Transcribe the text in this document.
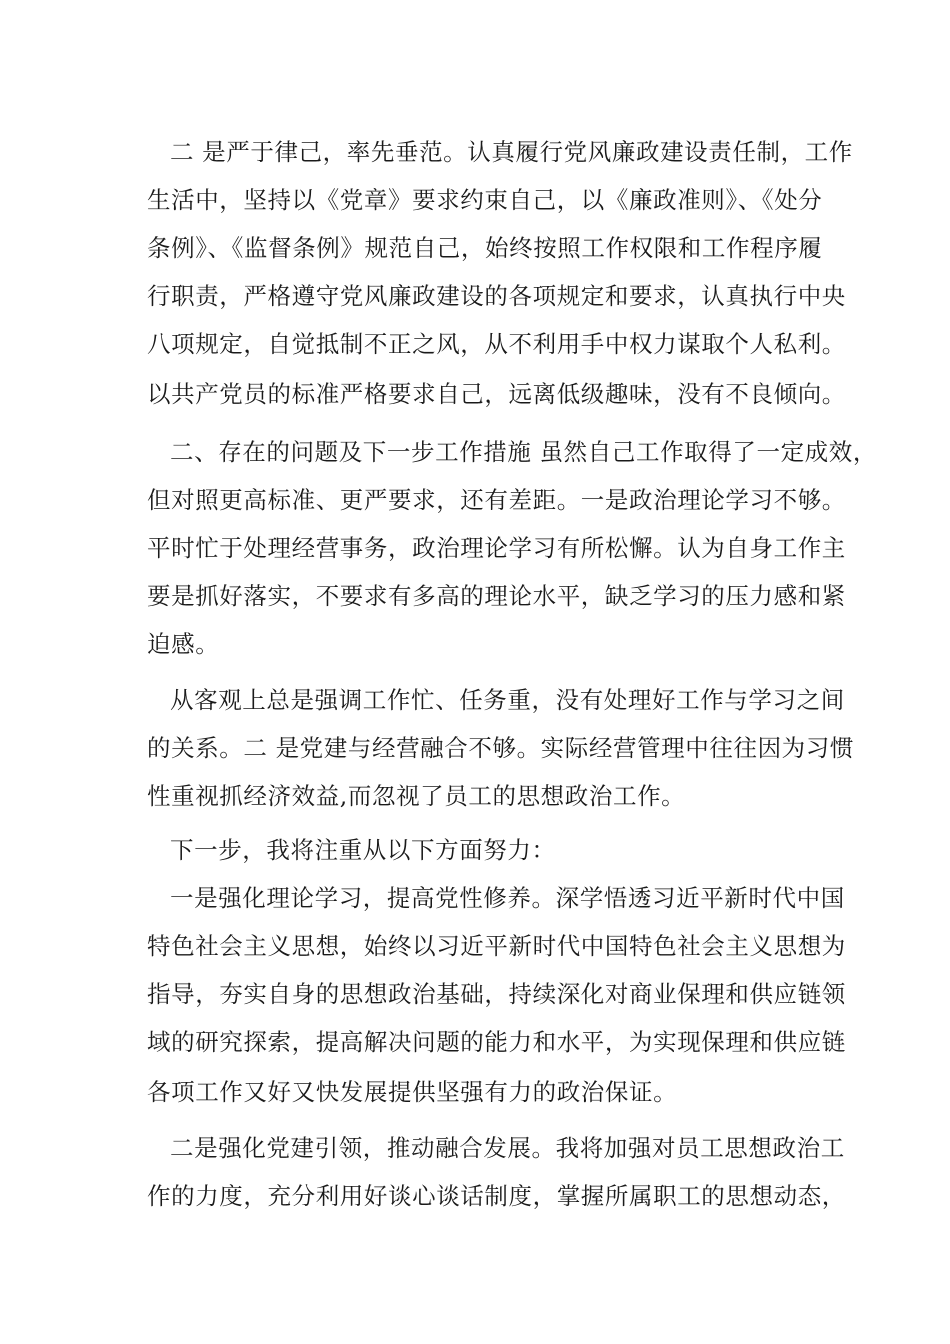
二 是严于律己，率先垂范。认真履行党风廉政建设责任制，工作
生活中，坚持以《党章》要求约束自己，以《廉政准则》、《处分
条例》、《监督条例》规范自己，始终按照工作权限和工作程序履
行职责，严格遵守党风廉政建设的各项规定和要求，认真执行中央
八项规定，自觉抵制不正之风，从不利用手中权力谋取个人私利。
以共产党员的标准严格要求自己，远离低级趣味，没有不良倾向。
二、存在的问题及下一步工作措施 虽然自己工作取得了一定成效，
但对照更高标准、更严要求，还有差距。一是政治理论学习不够。
平时忙于处理经营事务，政治理论学习有所松懈。认为自身工作主
要是抓好落实，不要求有多高的理论水平，缺乏学习的压力感和紧
迫感。
从客观上总是强调工作忙、任务重，没有处理好工作与学习之间
的关系。二 是党建与经营融合不够。实际经营管理中往往因为习惯
性重视抓经济效益,而忽视了员工的思想政治工作。
下一步，我将注重从以下方面努力：
一是强化理论学习，提高党性修养。深学悟透习近平新时代中国
特色社会主义思想，始终以习近平新时代中国特色社会主义思想为
指导，夯实自身的思想政治基础，持续深化对商业保理和供应链领
域的研究探索，提高解决问题的能力和水平，为实现保理和供应链
各项工作又好又快发展提供坚强有力的政治保证。
二是强化党建引领，推动融合发展。我将加强对员工思想政治工
作的力度，充分利用好谈心谈话制度，掌握所属职工的思想动态，
